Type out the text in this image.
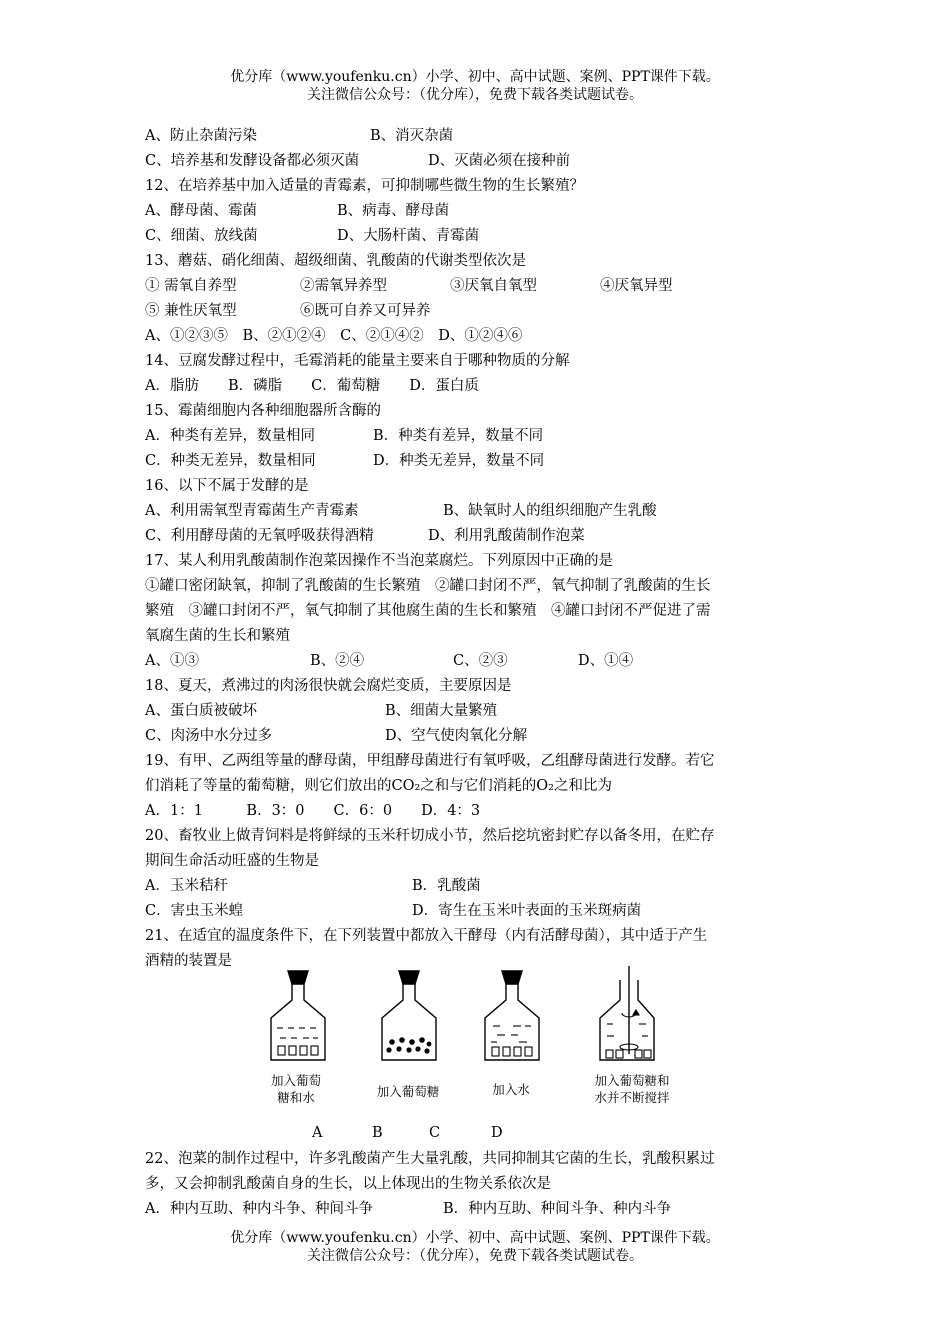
优分库（www.youfenku.cn）小学、初中、高中试题、案例、PPT课件下载。
关注微信公众号：（优分库），免费下载各类试题试卷。
A、防止杂菌污染	B、消灭杂菌
C、培养基和发酵设备都必须灭菌	D、灭菌必须在接种前
12、在培养基中加入适量的青霉素，可抑制哪些微生物的生长繁殖？
A、酵母菌、霉菌	B、病毒、酵母菌
C、细菌、放线菌	D、大肠杆菌、青霉菌
13、蘑菇、硝化细菌、超级细菌、乳酸菌的代谢类型依次是
① 需氧自养型	②需氧异养型	③厌氧自氧型	④厌氧异型
⑤ 兼性厌氧型	⑥既可自养又可异养
A、①②③⑤　B、②①②④　C、②①④②　D、①②④⑥
14、豆腐发酵过程中，毛霉消耗的能量主要来自于哪种物质的分解
A．脂肪　　B．磷脂　　C．葡萄糖　　D．蛋白质
15、霉菌细胞内各种细胞器所含酶的
A．种类有差异，数量相同	B．种类有差异，数量不同
C．种类无差异，数量相同	D．种类无差异，数量不同
16、以下不属于发酵的是
A、利用需氧型青霉菌生产青霉素	B、缺氧时人的组织细胞产生乳酸
C、利用酵母菌的无氧呼吸获得酒精	D、利用乳酸菌制作泡菜
17、某人利用乳酸菌制作泡菜因操作不当泡菜腐烂。下列原因中正确的是
①罐口密闭缺氧，抑制了乳酸菌的生长繁殖　②罐口封闭不严，氧气抑制了乳酸菌的生长
繁殖　③罐口封闭不严，氧气抑制了其他腐生菌的生长和繁殖　④罐口封闭不严促进了需
氧腐生菌的生长和繁殖
A、①③	B、②④	C、②③	D、①④
18、夏天，煮沸过的肉汤很快就会腐烂变质，主要原因是
A、蛋白质被破坏	B、细菌大量繁殖
C、肉汤中水分过多	D、空气使肉氧化分解
19、有甲、乙两组等量的酵母菌，甲组酵母菌进行有氧呼吸，乙组酵母菌进行发酵。若它
们消耗了等量的葡萄糖，则它们放出的CO₂之和与它们消耗的O₂之和比为
A．1：1　　　B．3：0　　C．6：0　　D．4：3
20、畜牧业上做青饲料是将鲜绿的玉米秆切成小节，然后挖坑密封贮存以备冬用，在贮存
期间生命活动旺盛的生物是
A．玉米秸秆	B．乳酸菌
C．害虫玉米蝗	D．寄生在玉米叶表面的玉米斑病菌
21、在适宜的温度条件下，在下列装置中都放入干酵母（内有活酵母菌），其中适于产生
酒精的装置是
加入葡萄
糖和水	加入葡萄糖	加入水
加入葡萄糖和
水并不断搅拌
A	B	C	D
22、泡菜的制作过程中，许多乳酸菌产生大量乳酸，共同抑制其它菌的生长，乳酸积累过
多，又会抑制乳酸菌自身的生长，以上体现出的生物关系依次是
A．种内互助、种内斗争、种间斗争	B．种内互助、种间斗争、种内斗争
优分库（www.youfenku.cn）小学、初中、高中试题、案例、PPT课件下载。
关注微信公众号：（优分库），免费下载各类试题试卷。
